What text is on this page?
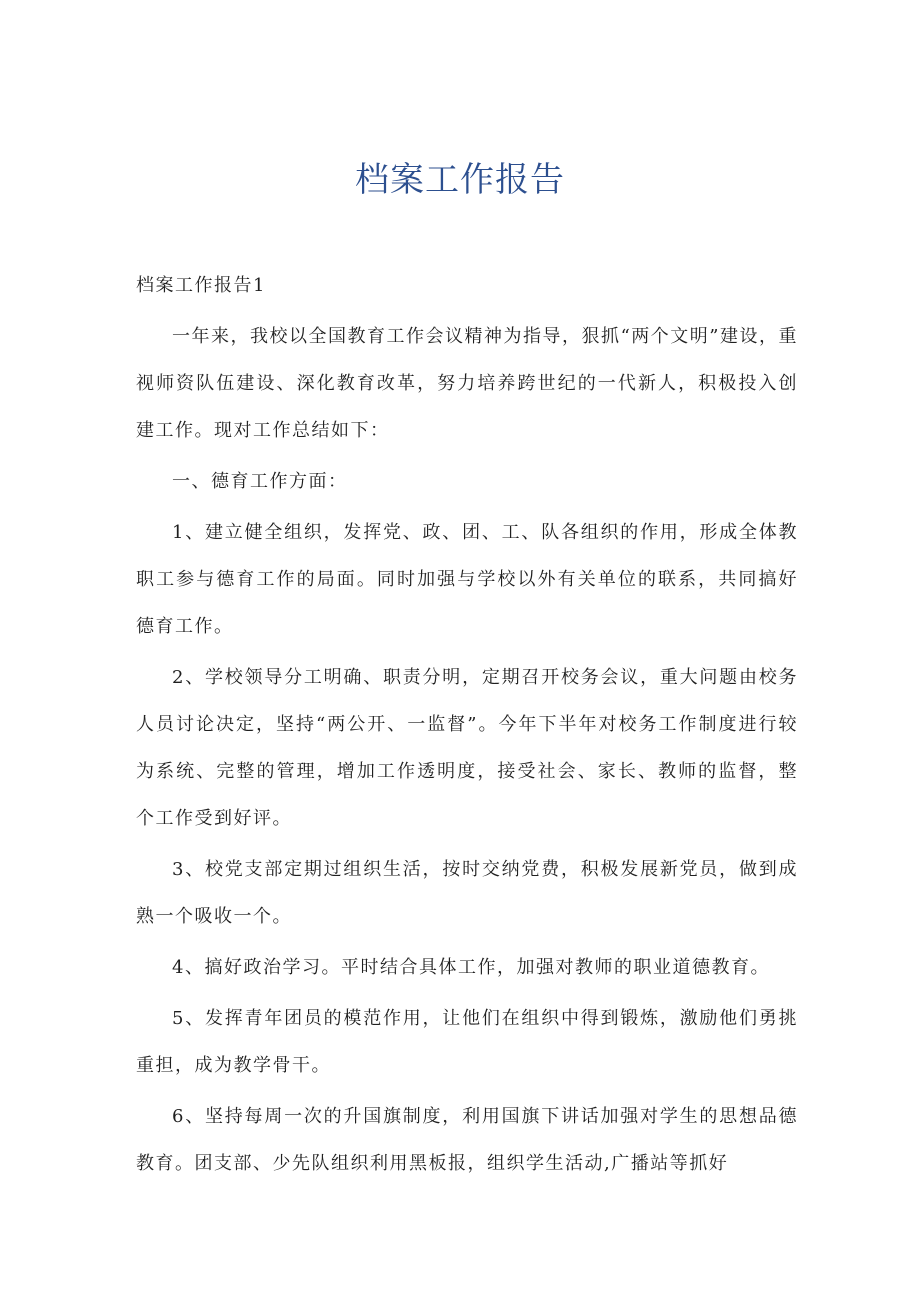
档案工作报告

档案工作报告1

一年来，我校以全国教育工作会议精神为指导，狠抓“两个文明”建设，重视师资队伍建设、深化教育改革，努力培养跨世纪的一代新人，积极投入创建工作。现对工作总结如下：

一、德育工作方面：

1、建立健全组织，发挥党、政、团、工、队各组织的作用，形成全体教职工参与德育工作的局面。同时加强与学校以外有关单位的联系，共同搞好德育工作。

2、学校领导分工明确、职责分明，定期召开校务会议，重大问题由校务人员讨论决定，坚持“两公开、一监督”。今年下半年对校务工作制度进行较为系统、完整的管理，增加工作透明度，接受社会、家长、教师的监督，整个工作受到好评。

3、校党支部定期过组织生活，按时交纳党费，积极发展新党员，做到成熟一个吸收一个。

4、搞好政治学习。平时结合具体工作，加强对教师的职业道德教育。

5、发挥青年团员的模范作用，让他们在组织中得到锻炼，激励他们勇挑重担，成为教学骨干。

6、坚持每周一次的升国旗制度，利用国旗下讲话加强对学生的思想品德教育。团支部、少先队组织利用黑板报，组织学生活动,广播站等抓好
